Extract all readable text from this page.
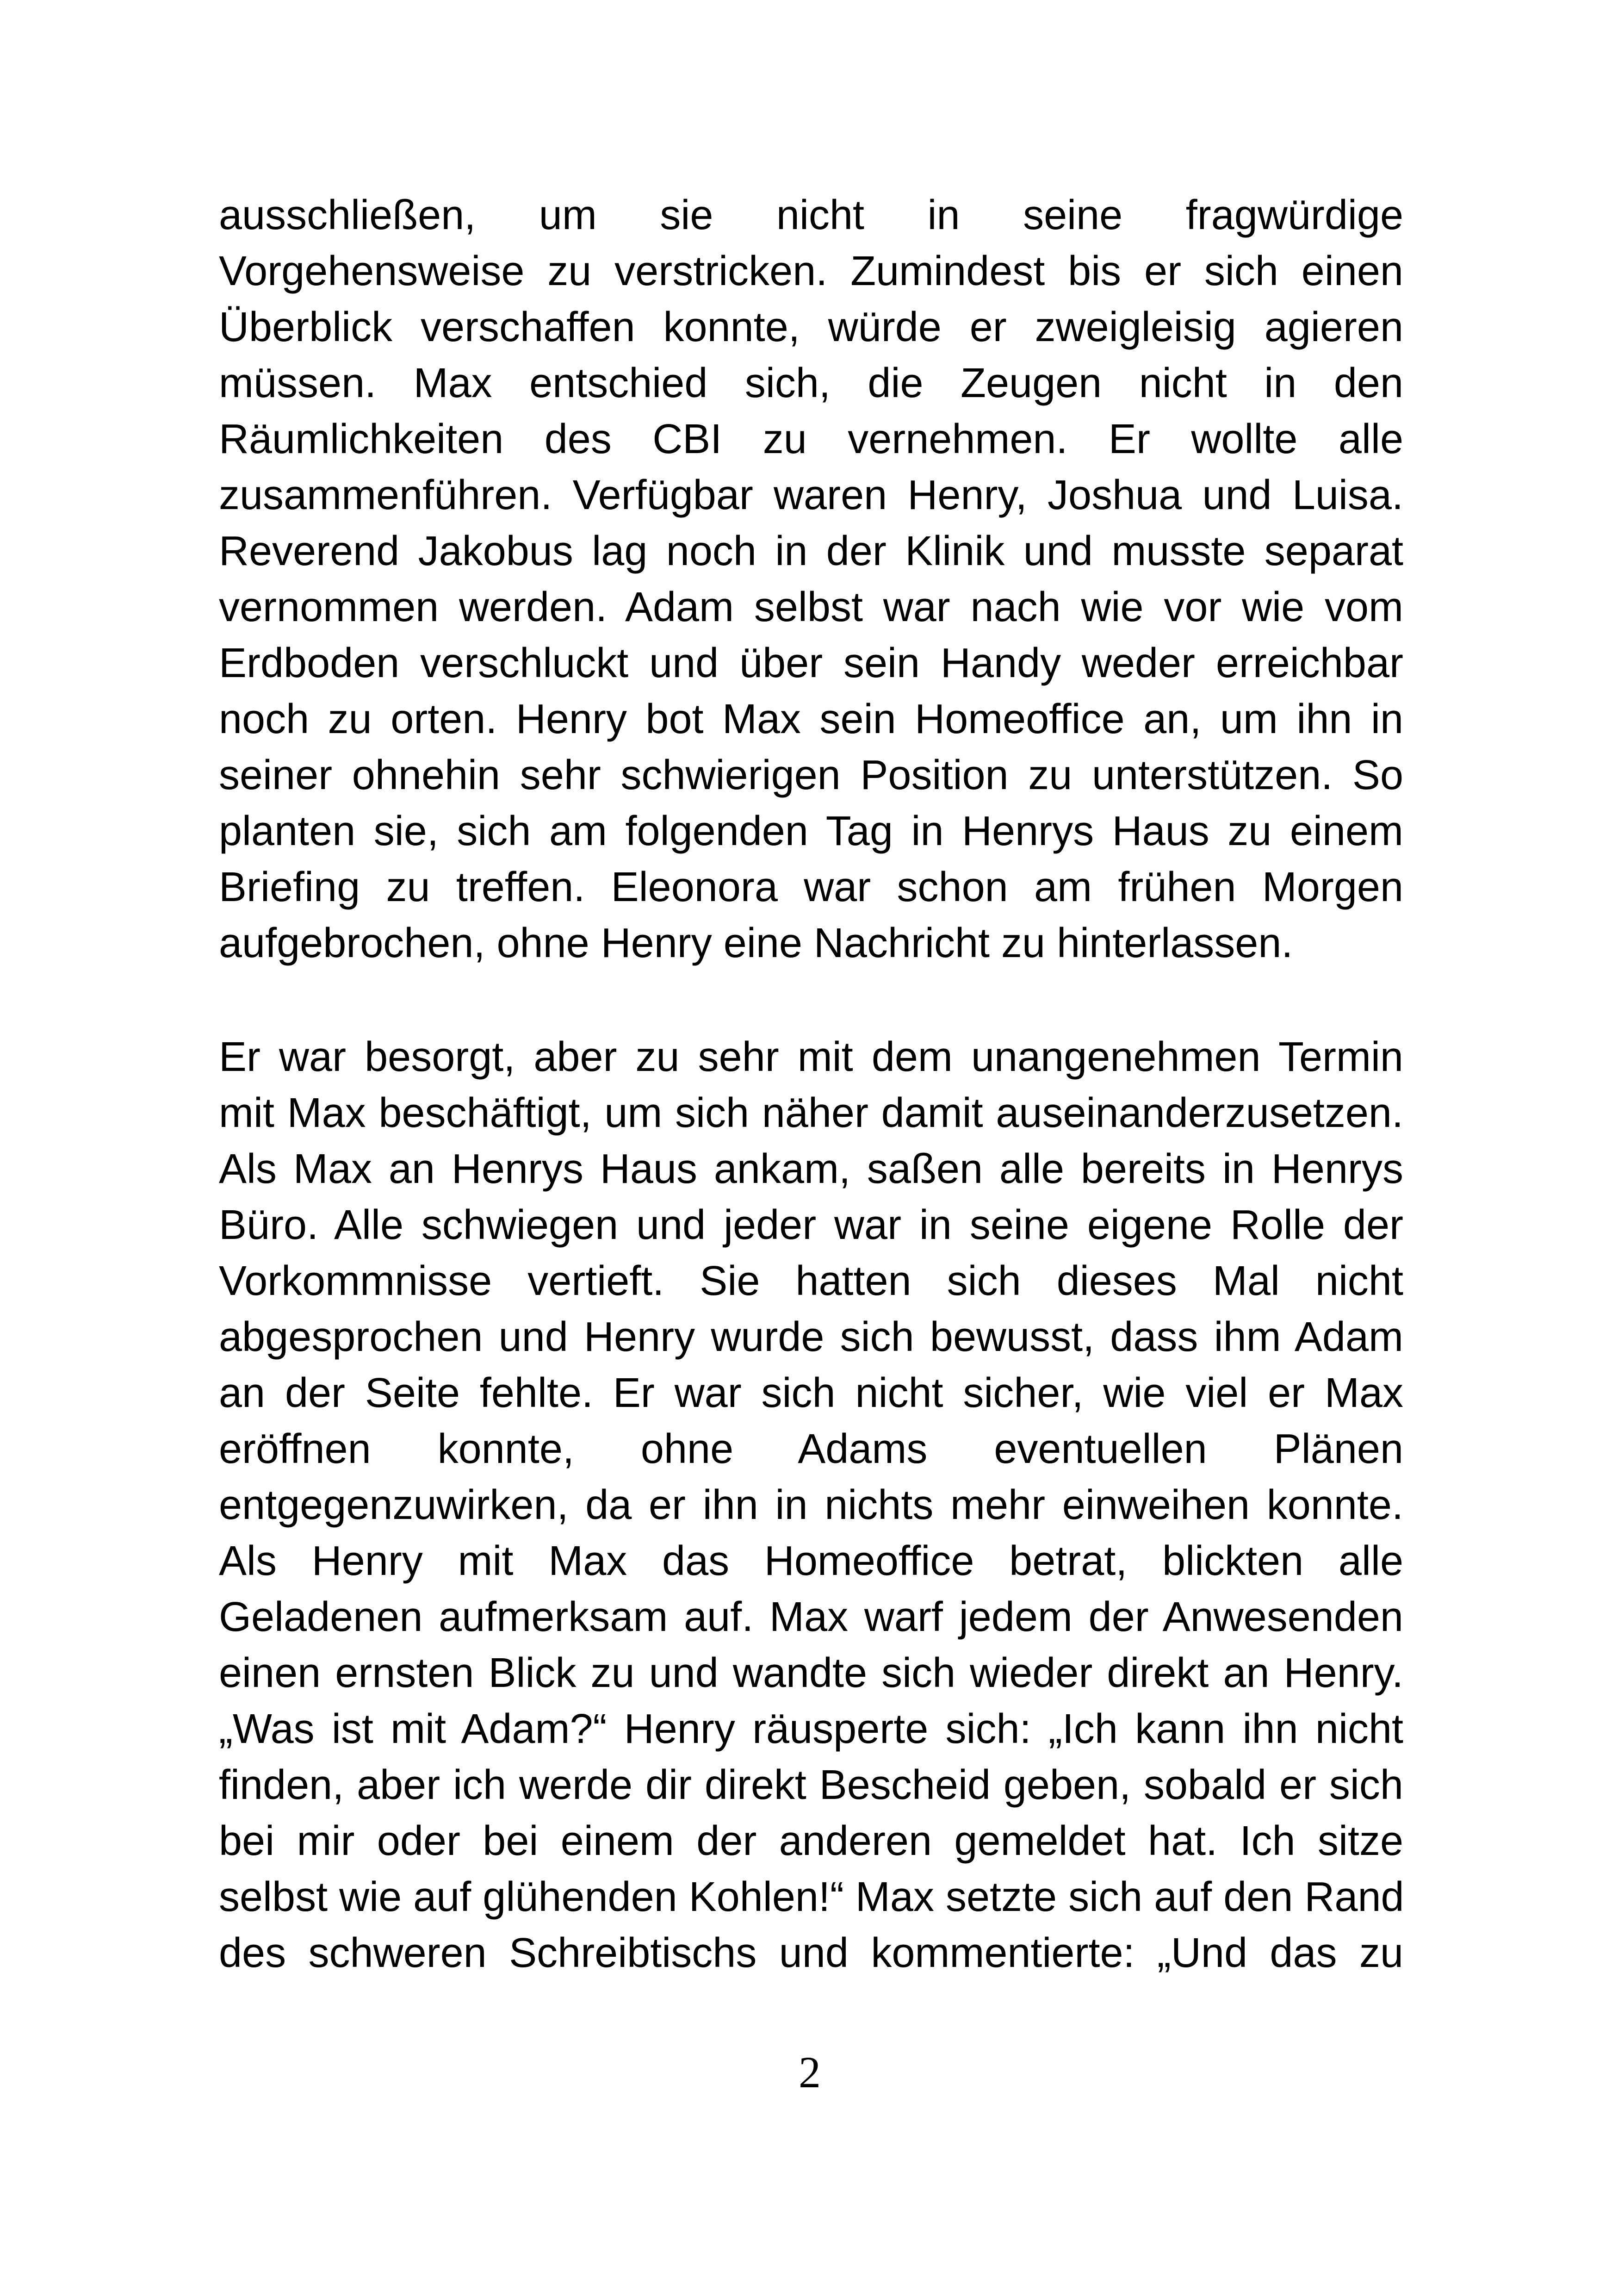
ausschließen, um sie nicht in seine fragwürdige
Vorgehensweise zu verstricken. Zumindest bis er sich einen
Überblick verschaffen konnte, würde er zweigleisig agieren
müssen. Max entschied sich, die Zeugen nicht in den
Räumlichkeiten des CBI zu vernehmen. Er wollte alle
zusammenführen. Verfügbar waren Henry, Joshua und Luisa.
Reverend Jakobus lag noch in der Klinik und musste separat
vernommen werden. Adam selbst war nach wie vor wie vom
Erdboden verschluckt und über sein Handy weder erreichbar
noch zu orten. Henry bot Max sein Homeoffice an, um ihn in
seiner ohnehin sehr schwierigen Position zu unterstützen. So
planten sie, sich am folgenden Tag in Henrys Haus zu einem
Briefing zu treffen. Eleonora war schon am frühen Morgen
aufgebrochen, ohne Henry eine Nachricht zu hinterlassen.
Er war besorgt, aber zu sehr mit dem unangenehmen Termin
mit Max beschäftigt, um sich näher damit auseinanderzusetzen.
Als Max an Henrys Haus ankam, saßen alle bereits in Henrys
Büro. Alle schwiegen und jeder war in seine eigene Rolle der
Vorkommnisse vertieft. Sie hatten sich dieses Mal nicht
abgesprochen und Henry wurde sich bewusst, dass ihm Adam
an der Seite fehlte. Er war sich nicht sicher, wie viel er Max
eröffnen konnte, ohne Adams eventuellen Plänen
entgegenzuwirken, da er ihn in nichts mehr einweihen konnte.
Als Henry mit Max das Homeoffice betrat, blickten alle
Geladenen aufmerksam auf. Max warf jedem der Anwesenden
einen ernsten Blick zu und wandte sich wieder direkt an Henry.
„Was ist mit Adam?“ Henry räusperte sich: „Ich kann ihn nicht
finden, aber ich werde dir direkt Bescheid geben, sobald er sich
bei mir oder bei einem der anderen gemeldet hat. Ich sitze
selbst wie auf glühenden Kohlen!“ Max setzte sich auf den Rand
des schweren Schreibtischs und kommentierte: „Und das zu
2
